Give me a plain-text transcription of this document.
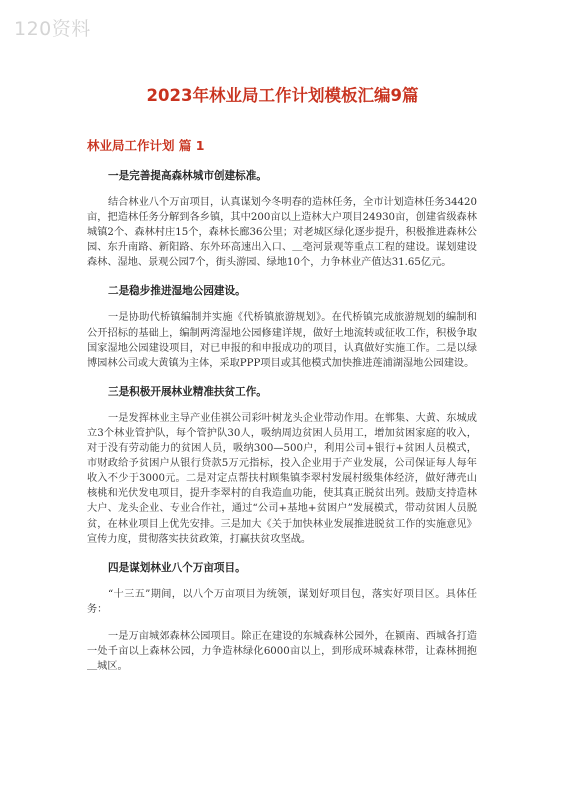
120资料
2023年林业局工作计划模板汇编9篇
林业局工作计划 篇 1

一是完善提高森林城市创建标准。

结合林业八个万亩项目，认真谋划今冬明春的造林任务，全市计划造林任务34420亩，把造林任务分解到各乡镇，其中200亩以上造林大户项目24930亩，创建省级森林城镇2个、森林村庄15个，森林长廊36公里；对老城区绿化逐步提升，积极推进森林公园、东升南路、新阳路、东外环高速出入口、＿亳河景观等重点工程的建设。谋划建设森林、湿地、景观公园7个，街头游园、绿地10个，力争林业产值达31.65亿元。

二是稳步推进湿地公园建设。

一是协助代桥镇编制并实施《代桥镇旅游规划》。在代桥镇完成旅游规划的编制和公开招标的基础上，编制两湾湿地公园修建详规，做好土地流转或征收工作，积极争取国家湿地公园建设项目，对已申报的和申报成功的项目，认真做好实施工作。二是以绿博园林公司或大黄镇为主体，采取PPP项目或其他模式加快推进莲浦湖湿地公园建设。

三是积极开展林业精准扶贫工作。

一是发挥林业主导产业佳祺公司彩叶树龙头企业带动作用。在郸集、大黄、东城成立3个林业管护队，每个管护队30人，吸纳周边贫困人员用工，增加贫困家庭的收入，对于没有劳动能力的贫困人员，吸纳300—500户，利用公司+银行+贫困人员模式，市财政给予贫困户从银行贷款5万元指标，投入企业用于产业发展，公司保证每人每年收入不少于3000元。二是对定点帮扶村顾集镇李翠村发展村级集体经济，做好薄壳山核桃和光伏发电项目，提升李翠村的自我造血功能，使其真正脱贫出列。鼓励支持造林大户、龙头企业、专业合作社，通过“公司+基地+贫困户”发展模式，带动贫困人员脱贫，在林业项目上优先安排。三是加大《关于加快林业发展推进脱贫工作的实施意见》宣传力度，贯彻落实扶贫政策，打赢扶贫攻坚战。

四是谋划林业八个万亩项目。

“十三五”期间，以八个万亩项目为统领，谋划好项目包，落实好项目区。具体任务：

一是万亩城郊森林公园项目。除正在建设的东城森林公园外，在颍南、西城各打造一处千亩以上森林公园，力争造林绿化6000亩以上，到形成环城森林带，让森林拥抱＿城区。
